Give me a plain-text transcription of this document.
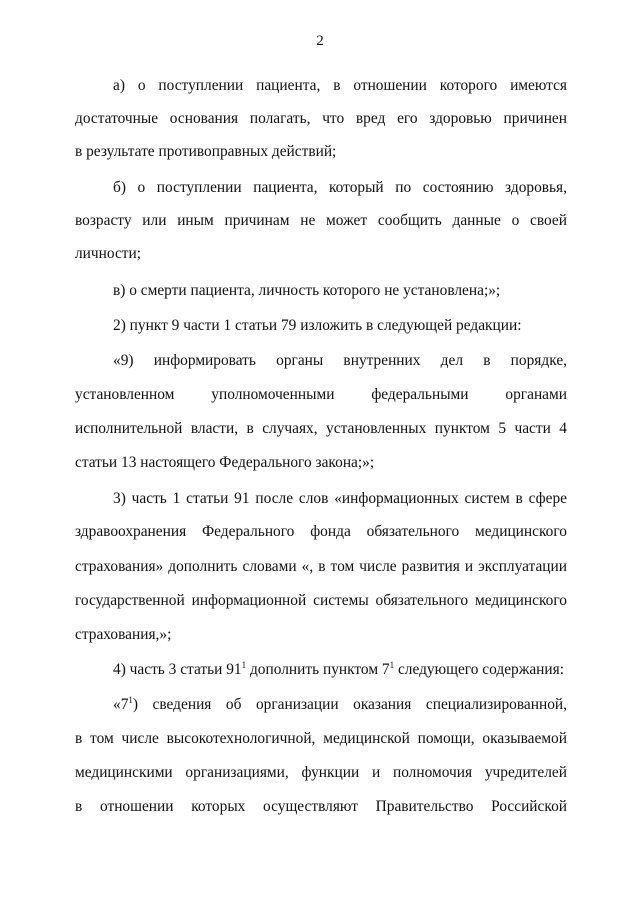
2
а) о поступлении пациента, в отношении которого имеются
достаточные основания полагать, что вред его здоровью причинен
в результате противоправных действий;
б) о поступлении пациента, который по состоянию здоровья,
возрасту или иным причинам не может сообщить данные о своей
личности;
в) о смерти пациента, личность которого не установлена;»;
2) пункт 9 части 1 статьи 79 изложить в следующей редакции:
«9) информировать органы внутренних дел в порядке,
установленном уполномоченными федеральными органами
исполнительной власти, в случаях, установленных пунктом 5 части 4
статьи 13 настоящего Федерального закона;»;
3) часть 1 статьи 91 после слов «информационных систем в сфере
здравоохранения Федерального фонда обязательного медицинского
страхования» дополнить словами «, в том числе развития и эксплуатации
государственной информационной системы обязательного медицинского
страхования,»;
4) часть 3 статьи $91^1$ дополнить пунктом $7^1$ следующего содержания:
«$7^1$ ) сведения об организации оказания специализированной,
в том числе высокотехнологичной, медицинской помощи, оказываемой
медицинскими организациями, функции и полномочия учредителей
в отношении которых осуществляют Правительство Российской
